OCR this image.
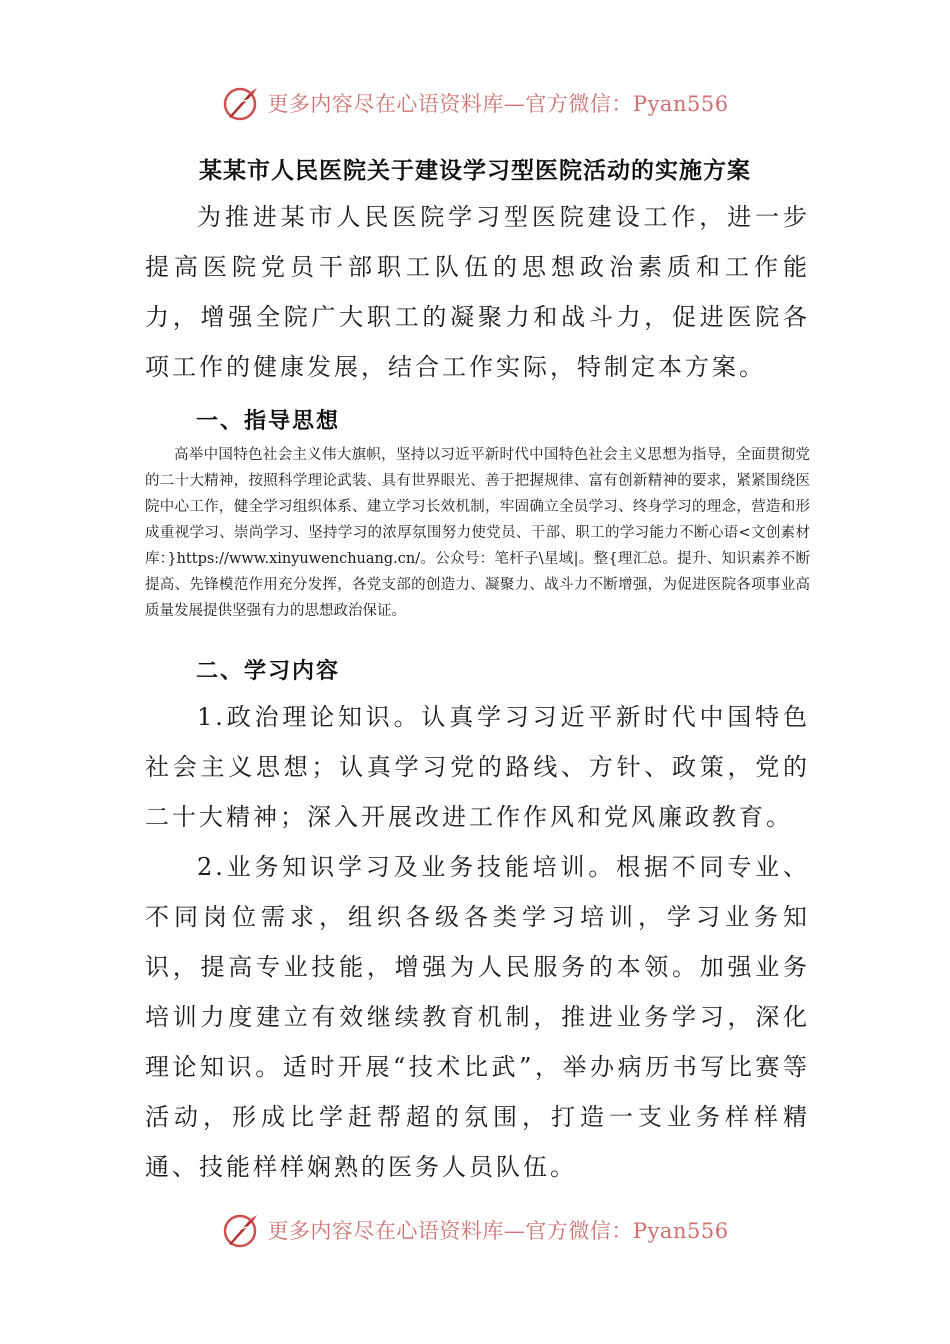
更多内容尽在心语资料库—官方微信：Pyan556
某某市人民医院关于建设学习型医院活动的实施方案

为推进某市人民医院学习型医院建设工作，进一步提高医院党员干部职工队伍的思想政治素质和工作能力，增强全院广大职工的凝聚力和战斗力，促进医院各项工作的健康发展，结合工作实际，特制定本方案。

一、指导思想

高举中国特色社会主义伟大旗帜，坚持以习近平新时代中国特色社会主义思想为指导，全面贯彻党的二十大精神，按照科学理论武装、具有世界眼光、善于把握规律、富有创新精神的要求，紧紧围绕医院中心工作，健全学习组织体系、建立学习长效机制，牢固确立全员学习、终身学习的理念，营造和形成重视学习、崇尚学习、坚持学习的浓厚氛围努力使党员、干部、职工的学习能力不断心语<文创素材库：}https://www.xinyuwenchuang.cn/。公众号：笔杆子\星域|。整{理汇总。提升、知识素养不断提高、先锋模范作用充分发挥，各党支部的创造力、凝聚力、战斗力不断增强，为促进医院各项事业高质量发展提供坚强有力的思想政治保证。

二、学习内容

1.政治理论知识。认真学习习近平新时代中国特色社会主义思想；认真学习党的路线、方针、政策，党的二十大精神；深入开展改进工作作风和党风廉政教育。

2.业务知识学习及业务技能培训。根据不同专业、不同岗位需求，组织各级各类学习培训，学习业务知识，提高专业技能，增强为人民服务的本领。加强业务培训力度建立有效继续教育机制，推进业务学习，深化理论知识。适时开展“技术比武”，举办病历书写比赛等活动，形成比学赶帮超的氛围，打造一支业务样样精通、技能样样娴熟的医务人员队伍。

更多内容尽在心语资料库—官方微信：Pyan556
